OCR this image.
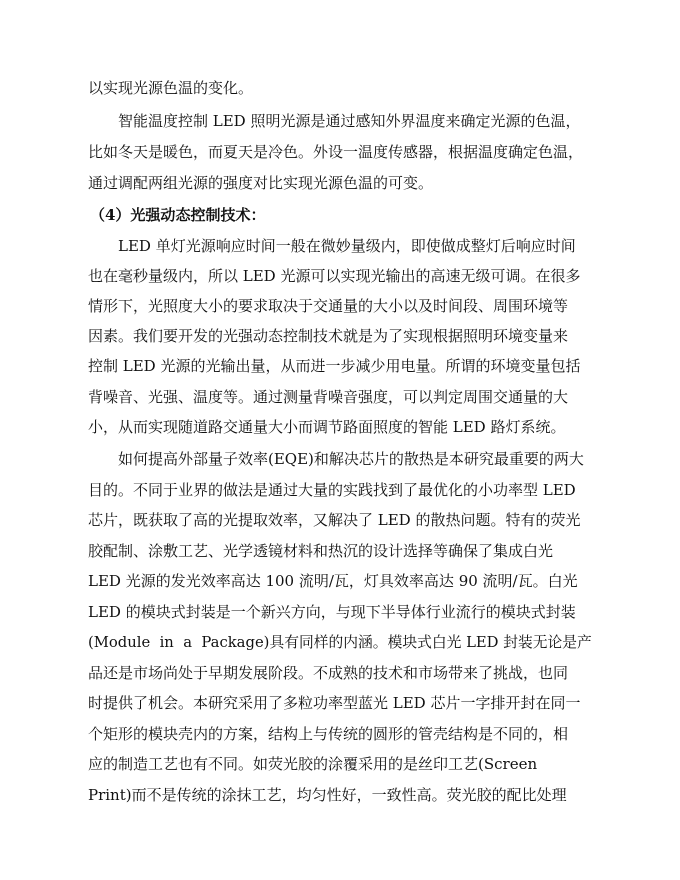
以实现光源色温的变化。
智能温度控制 LED 照明光源是通过感知外界温度来确定光源的色温，
比如冬天是暖色，而夏天是冷色。外设一温度传感器，根据温度确定色温，
通过调配两组光源的强度对比实现光源色温的可变。
（4）光强动态控制技术：
LED 单灯光源响应时间一般在微妙量级内，即使做成整灯后响应时间
也在毫秒量级内，所以 LED 光源可以实现光输出的高速无级可调。在很多
情形下，光照度大小的要求取决于交通量的大小以及时间段、周围环境等
因素。我们要开发的光强动态控制技术就是为了实现根据照明环境变量来
控制 LED 光源的光输出量，从而进一步减少用电量。所谓的环境变量包括
背噪音、光强、温度等。通过测量背噪音强度，可以判定周围交通量的大
小，从而实现随道路交通量大小而调节路面照度的智能 LED 路灯系统。
如何提高外部量子效率(EQE)和解决芯片的散热是本研究最重要的两大
目的。不同于业界的做法是通过大量的实践找到了最优化的小功率型 LED
芯片，既获取了高的光提取效率，又解决了 LED 的散热问题。特有的荧光
胶配制、涂敷工艺、光学透镜材料和热沉的设计选择等确保了集成白光
LED 光源的发光效率高达 100 流明/瓦，灯具效率高达 90 流明/瓦。白光
LED 的模块式封装是一个新兴方向，与现下半导体行业流行的模块式封装
(Module  in  a  Package)具有同样的内涵。模块式白光 LED 封装无论是产
品还是市场尚处于早期发展阶段。不成熟的技术和市场带来了挑战，也同
时提供了机会。本研究采用了多粒功率型蓝光 LED 芯片一字排开封在同一
个矩形的模块壳内的方案，结构上与传统的圆形的管壳结构是不同的，相
应的制造工艺也有不同。如荧光胶的涂覆采用的是丝印工艺(Screen
Print)而不是传统的涂抹工艺，均匀性好，一致性高。荧光胶的配比处理
